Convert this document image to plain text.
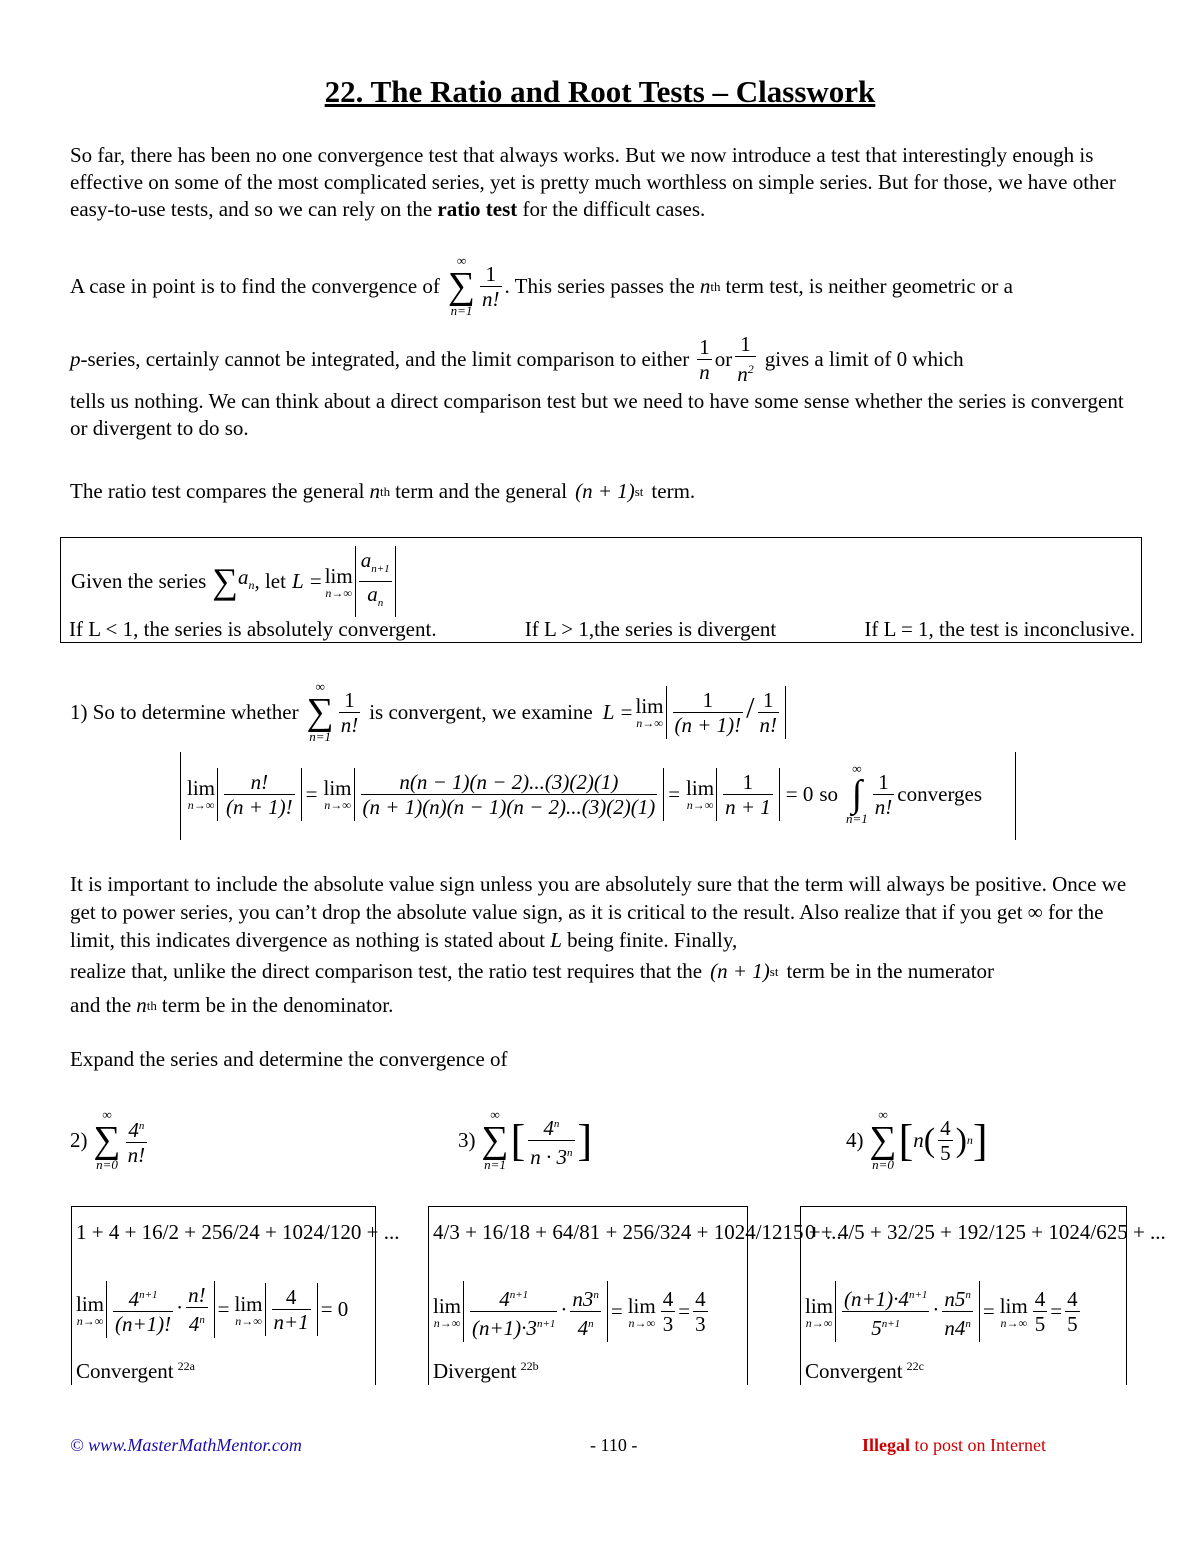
22. The Ratio and Root Tests – Classwork
So far, there has been no one convergence test that always works. But we now introduce a test that interestingly enough is effective on some of the most complicated series, yet is pretty much worthless on simple series. But for those, we have other easy-to-use tests, and so we can rely on the ratio test for the difficult cases.
A case in point is to find the convergence of
∞
∑
$n=1 \frac{1}{n!}$ . This series passes the n th term test, is neither geometric or a
p -series, certainly cannot be integrated, and the limit comparison to either $\frac{1}{n}$ or $\frac{1}{n^2}$ gives a limit of 0 which
tells us nothing. We can think about a direct comparison test but we need to have some sense whether the series is convergent or divergent to do so.
The ratio test compares the general n th term and the general (n + 1) st term.
Given the series ∑ $a_n$ , let L = lim
$n\to\infty \frac{a_{n+1}}{a_n}$
If L < 1, the series is absolutely convergent.	If L > 1,the series is divergent	If L = 1, the test is inconclusive.
1) So to determine whether
∞
∑
$n=1 \frac{1}{n!}$ is convergent, we examine L = lim
$n\to\infty \frac{1}{(n + 1)!} / \frac{1}{n!}$
lim
$n\to\infty \frac{n!}{(n + 1)!} = \lim$
$n\to\infty \frac{n(n - 1)(n - 2)...(3)(2)(1)}{(n + 1)(n)(n - 1)(n - 2)...(3)(2)(1)} = \lim$
$n\to\infty \frac{1}{n + 1} = 0$ so
∞
∫
$n=1 \frac{1}{n!}$ converges
It is important to include the absolute value sign unless you are absolutely sure that the term will always be positive. Once we get to power series, you can’t drop the absolute value sign, as it is critical to the result. Also realize that if you get ∞ for the limit, this indicates divergence as nothing is stated about L being finite. Finally,
realize that, unlike the direct comparison test, the ratio test requires that the (n + 1) st term be in the numerator
and the n th term be in the denominator.
Expand the series and determine the convergence of
2)
∞
∑
$n=0 \frac{4^n}{n!}$	3)
∞
∑
n=1 [ $\frac{4^n}{n \cdot 3^n}$ ]	4)
∞
∑
n=0 [ n ( $\frac{4}{5}$ ) n ]
1 + 4 + 16/2 + 256/24 + 1024/120 + ...
lim
$n\to\infty \frac{4^{n+1}}{(n+1)!} \cdot \frac{n!}{4^n} = \lim$
$n\to\infty \frac{4}{n+1} = 0$
Convergent $^{22a}$
4/3 + 16/18 + 64/81 + 256/324 + 1024/1215 + ...
lim
$n\to\infty \frac{4^{n+1}}{(n+1)\cdot 3^{n+1}} \cdot \frac{n3^n}{4^n} = \lim$
$n\to\infty \frac{4}{3} = \frac{4}{3}$
Divergent $^{22b}$
0 + 4/5 + 32/25 + 192/125 + 1024/625 + ...
lim
$n\to\infty \frac{(n+1)\cdot 4^{n+1}}{5^{n+1}} \cdot \frac{n5^n}{n4^n} = \lim$
$n\to\infty \frac{4}{5} = \frac{4}{5}$
Convergent $^{22c}$
© www.MasterMathMentor.com	- 110 -	Illegal to post on Internet
